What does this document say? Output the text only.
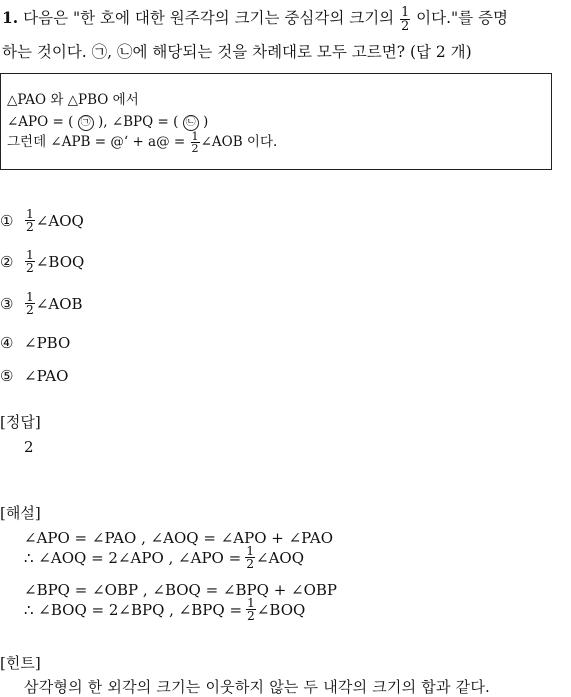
1. 다음은 "한 호에 대한 원주각의 크기는 중심각의 크기의 $\frac{1}{2}$ 이다."를 증명
하는 것이다. ㉠, ㉡에 해당되는 것을 차례대로 모두 고르면? (답 2 개)
△PAO 와 △PBO 에서
∠APO = ( ㉠ ), ∠BPQ = ( ㉡ )
그런데 ∠APB = @‘ + a@ = $\frac{1}{2}$ ∠AOB 이다.
① $\frac{1}{2}$ ∠AOQ
② $\frac{1}{2}$ ∠BOQ
③ $\frac{1}{2}$ ∠AOB
④ ∠PBO
⑤ ∠PAO
[정답]
2
[해설]
∠APO = ∠PAO , ∠AOQ = ∠APO + ∠PAO
∴ ∠AOQ = 2∠APO , ∠APO = $\frac{1}{2}$ ∠AOQ
∠BPQ = ∠OBP , ∠BOQ = ∠BPQ + ∠OBP
∴ ∠BOQ = 2∠BPQ , ∠BPQ = $\frac{1}{2}$ ∠BOQ
[힌트]
삼각형의 한 외각의 크기는 이웃하지 않는 두 내각의 크기의 합과 같다.
